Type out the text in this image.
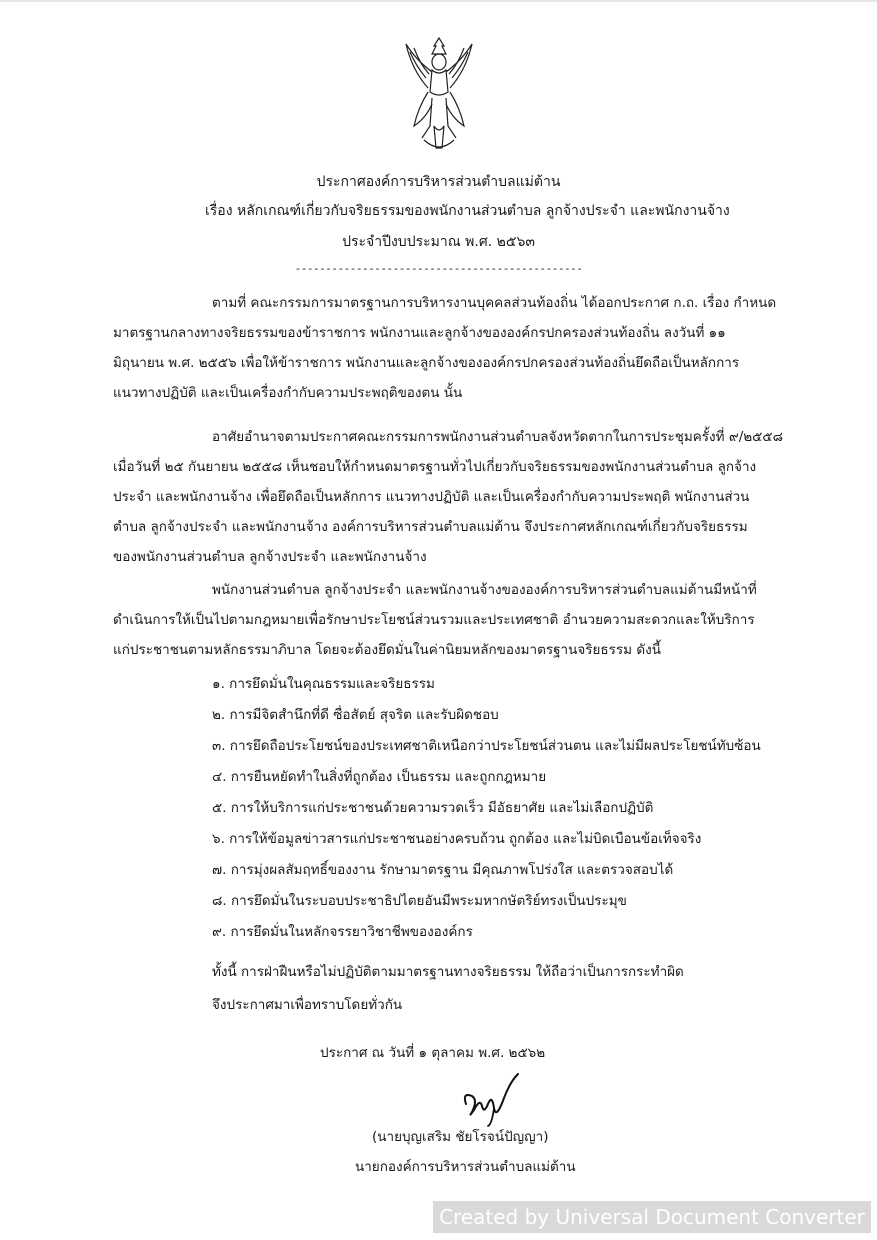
ประกาศองค์การบริหารส่วนตำบลแม่ต้าน
เรื่อง หลักเกณฑ์เกี่ยวกับจริยธรรมของพนักงานส่วนตำบล ลูกจ้างประจำ และพนักงานจ้าง
ประจำปีงบประมาณ พ.ศ. ๒๕๖๓
-----------------------------------------------
ตามที่ คณะกรรมการมาตรฐานการบริหารงานบุคคลส่วนท้องถิ่น ได้ออกประกาศ ก.ถ. เรื่อง กำหนด
มาตรฐานกลางทางจริยธรรมของข้าราชการ พนักงานและลูกจ้างขององค์กรปกครองส่วนท้องถิ่น ลงวันที่ ๑๑
มิถุนายน พ.ศ. ๒๕๕๖ เพื่อให้ข้าราชการ พนักงานและลูกจ้างขององค์กรปกครองส่วนท้องถิ่นยึดถือเป็นหลักการ
แนวทางปฏิบัติ และเป็นเครื่องกำกับความประพฤติของตน นั้น
อาศัยอำนาจตามประกาศคณะกรรมการพนักงานส่วนตำบลจังหวัดตากในการประชุมครั้งที่ ๙/๒๕๕๘
เมื่อวันที่ ๒๕ กันยายน ๒๕๕๘ เห็นชอบให้กำหนดมาตรฐานทั่วไปเกี่ยวกับจริยธรรมของพนักงานส่วนตำบล ลูกจ้าง
ประจำ และพนักงานจ้าง เพื่อยึดถือเป็นหลักการ แนวทางปฏิบัติ และเป็นเครื่องกำกับความประพฤติ พนักงานส่วน
ตำบล ลูกจ้างประจำ และพนักงานจ้าง องค์การบริหารส่วนตำบลแม่ต้าน จึงประกาศหลักเกณฑ์เกี่ยวกับจริยธรรม
ของพนักงานส่วนตำบล ลูกจ้างประจำ และพนักงานจ้าง
พนักงานส่วนตำบล ลูกจ้างประจำ และพนักงานจ้างขององค์การบริหารส่วนตำบลแม่ต้านมีหน้าที่
ดำเนินการให้เป็นไปตามกฎหมายเพื่อรักษาประโยชน์ส่วนรวมและประเทศชาติ อำนวยความสะดวกและให้บริการ
แก่ประชาชนตามหลักธรรมาภิบาล โดยจะต้องยึดมั่นในค่านิยมหลักของมาตรฐานจริยธรรม ดังนี้
๑. การยึดมั่นในคุณธรรมและจริยธรรม
๒. การมีจิตสำนึกที่ดี ซื่อสัตย์ สุจริต และรับผิดชอบ
๓. การยึดถือประโยชน์ของประเทศชาติเหนือกว่าประโยชน์ส่วนตน และไม่มีผลประโยชน์ทับซ้อน
๔. การยืนหยัดทำในสิ่งที่ถูกต้อง เป็นธรรม และถูกกฎหมาย
๕. การให้บริการแก่ประชาชนด้วยความรวดเร็ว มีอัธยาศัย และไม่เลือกปฏิบัติ
๖. การให้ข้อมูลข่าวสารแก่ประชาชนอย่างครบถ้วน ถูกต้อง และไม่บิดเบือนข้อเท็จจริง
๗. การมุ่งผลสัมฤทธิ์ของงาน รักษามาตรฐาน มีคุณภาพโปร่งใส และตรวจสอบได้
๘. การยึดมั่นในระบอบประชาธิปไตยอันมีพระมหากษัตริย์ทรงเป็นประมุข
๙. การยึดมั่นในหลักจรรยาวิชาชีพขององค์กร
ทั้งนี้ การฝ่าฝืนหรือไม่ปฏิบัติตามมาตรฐานทางจริยธรรม ให้ถือว่าเป็นการกระทำผิด
จึงประกาศมาเพื่อทราบโดยทั่วกัน
ประกาศ ณ วันที่ ๑ ตุลาคม พ.ศ. ๒๕๖๒
(นายบุญเสริม ชัยโรจน์ปัญญา)
นายกองค์การบริหารส่วนตำบลแม่ต้าน
Created by Universal Document Converter
